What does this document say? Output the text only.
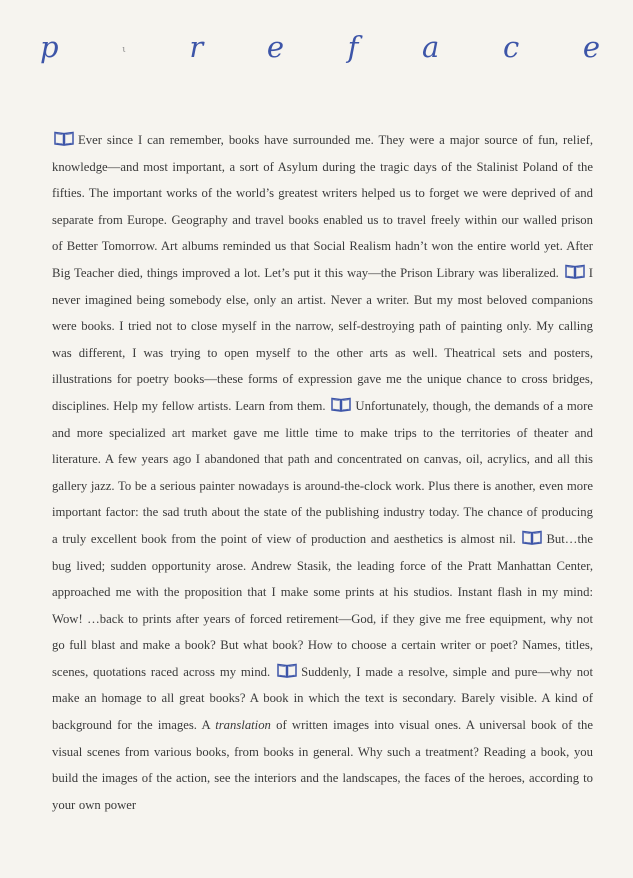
p	ι r e f a c e

Ever since I can remember, books have surrounded me. They were a major source of fun, relief, knowledge—and most important, a sort of Asylum during the tragic days of the Stalinist Poland of the fifties. The important works of the world’s greatest writers helped us to forget we were deprived of and separate from Europe. Geography and travel books enabled us to travel freely within our walled prison of Better Tomorrow. Art albums reminded us that Social Realism hadn’t won the entire world yet. After Big Teacher died, things improved a lot. Let’s put it this way—the Prison Library was liberalized. I never imagined being somebody else, only an artist. Never a writer. But my most beloved companions were books. I tried not to close myself in the narrow, self-destroying path of painting only. My calling was different, I was trying to open myself to the other arts as well. Theatrical sets and posters, illustrations for poetry books—these forms of expression gave me the unique chance to cross bridges, disciplines. Help my fellow artists. Learn from them. Unfortunately, though, the demands of a more and more specialized art market gave me little time to make trips to the territories of theater and literature. A few years ago I abandoned that path and concentrated on canvas, oil, acrylics, and all this gallery jazz. To be a serious painter nowadays is around-the-clock work. Plus there is another, even more important factor: the sad truth about the state of the publishing industry today. The chance of producing a truly excellent book from the point of view of production and aesthetics is almost nil. But…the bug lived; sudden opportunity arose. Andrew Stasik, the leading force of the Pratt Manhattan Center, approached me with the proposition that I make some prints at his studios. Instant flash in my mind: Wow! …back to prints after years of forced retirement—God, if they give me free equipment, why not go full blast and make a book? But what book? How to choose a certain writer or poet? Names, titles, scenes, quotations raced across my mind. Suddenly, I made a resolve, simple and pure—why not make an homage to all great books? A book in which the text is secondary. Barely visible. A kind of background for the images. A translation of written images into visual ones. A universal book of the visual scenes from various books, from books in general. Why such a treatment? Reading a book, you build the images of the action, see the interiors and the landscapes, the faces of the heroes, according to your own power
